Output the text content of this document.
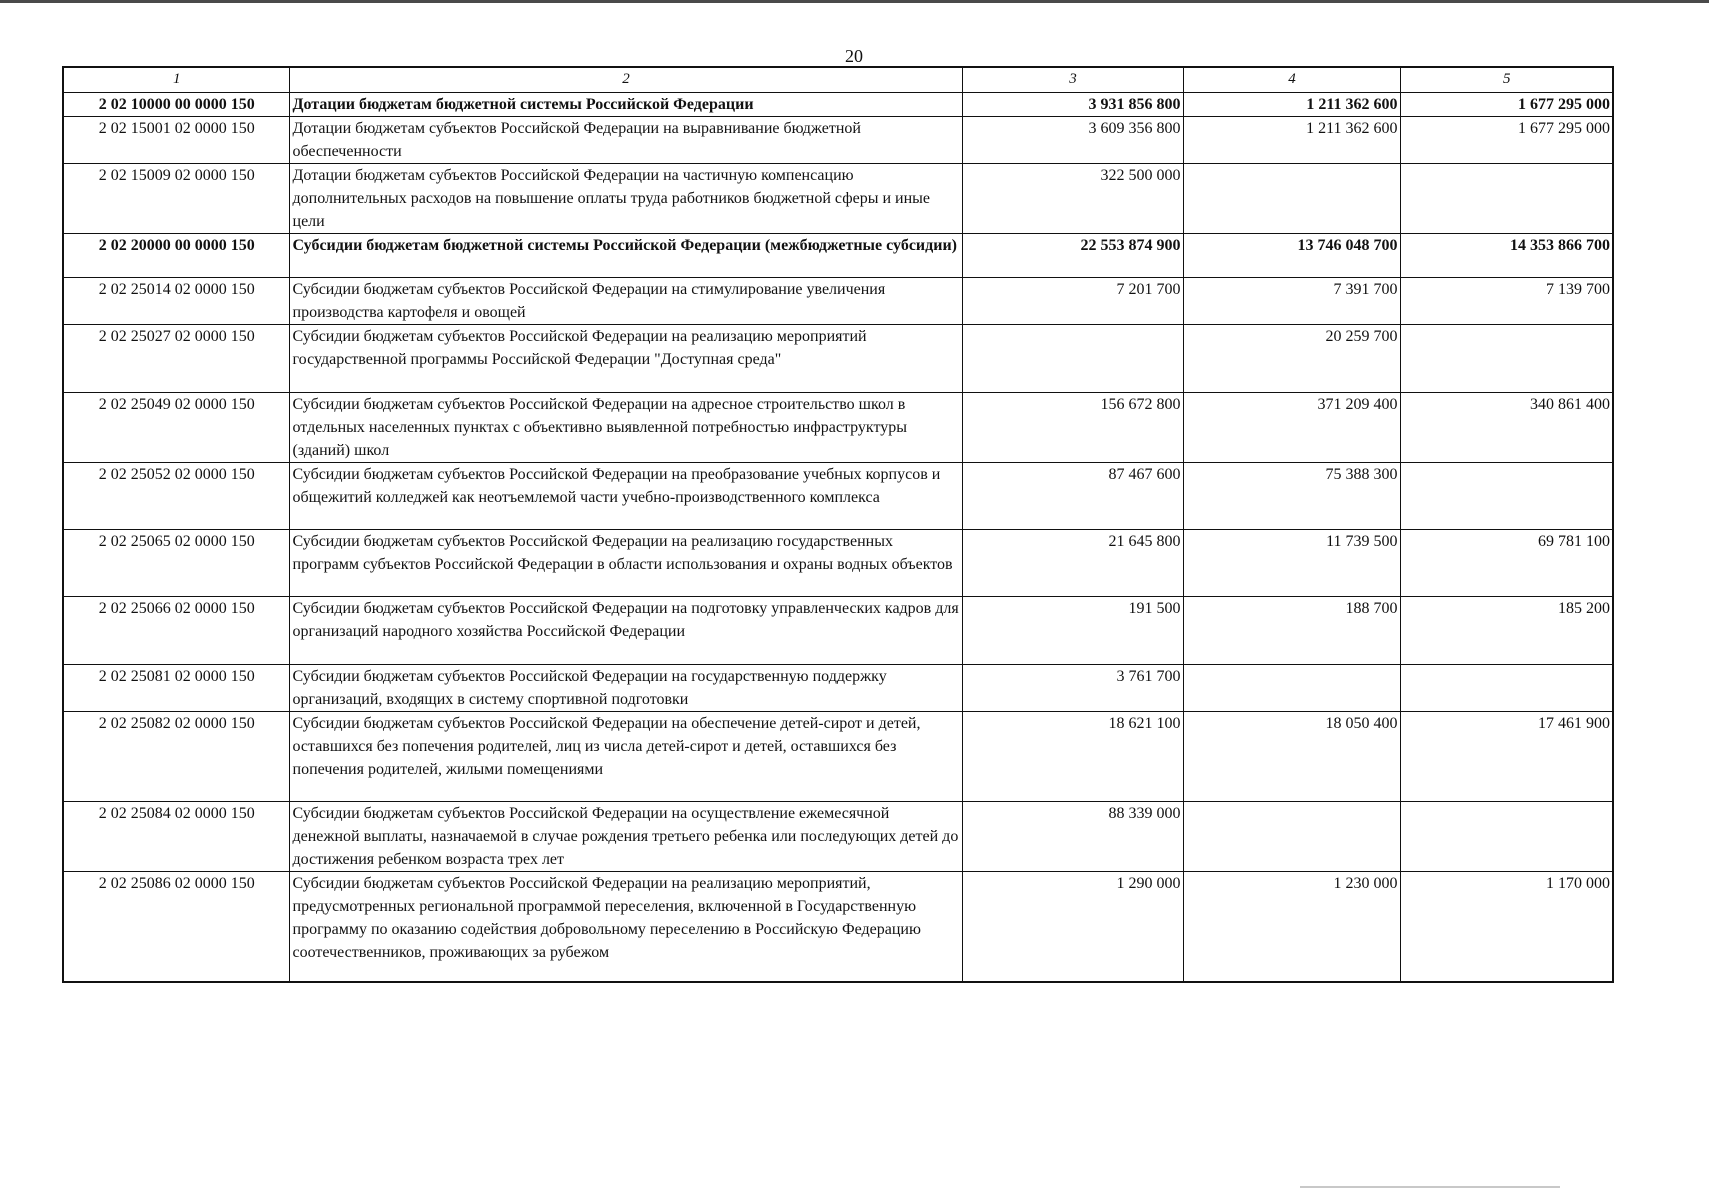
20
1	2	3	4	5
2 02 10000 00 0000 150	Дотации бюджетам бюджетной системы Российской Федерации	3 931 856 800	1 211 362 600	1 677 295 000
2 02 15001 02 0000 150	Дотации бюджетам субъектов Российской Федерации на выравнивание бюджетной обеспеченности	3 609 356 800	1 211 362 600	1 677 295 000
2 02 15009 02 0000 150	Дотации бюджетам субъектов Российской Федерации на частичную компенсацию дополнительных расходов на повышение оплаты труда работников бюджетной сферы и иные цели	322 500 000		
2 02 20000 00 0000 150	Субсидии бюджетам бюджетной системы Российской Федерации (межбюджетные субсидии)	22 553 874 900	13 746 048 700	14 353 866 700
2 02 25014 02 0000 150	Субсидии бюджетам субъектов Российской Федерации на стимулирование увеличения производства картофеля и овощей	7 201 700	7 391 700	7 139 700
2 02 25027 02 0000 150	Субсидии бюджетам субъектов Российской Федерации на реализацию мероприятий государственной программы Российской Федерации "Доступная среда"		20 259 700	
2 02 25049 02 0000 150	Субсидии бюджетам субъектов Российской Федерации на адресное строительство школ в отдельных населенных пунктах с объективно выявленной потребностью инфраструктуры (зданий) школ	156 672 800	371 209 400	340 861 400
2 02 25052 02 0000 150	Субсидии бюджетам субъектов Российской Федерации на преобразование учебных корпусов и общежитий колледжей как неотъемлемой части учебно-производственного комплекса	87 467 600	75 388 300	
2 02 25065 02 0000 150	Субсидии бюджетам субъектов Российской Федерации на реализацию государственных программ субъектов Российской Федерации в области использования и охраны водных объектов	21 645 800	11 739 500	69 781 100
2 02 25066 02 0000 150	Субсидии бюджетам субъектов Российской Федерации на подготовку управленческих кадров для организаций народного хозяйства Российской Федерации	191 500	188 700	185 200
2 02 25081 02 0000 150	Субсидии бюджетам субъектов Российской Федерации на государственную поддержку организаций, входящих в систему спортивной подготовки	3 761 700		
2 02 25082 02 0000 150	Субсидии бюджетам субъектов Российской Федерации на обеспечение детей-сирот и детей, оставшихся без попечения родителей, лиц из числа детей-сирот и детей, оставшихся без попечения родителей, жилыми помещениями	18 621 100	18 050 400	17 461 900
2 02 25084 02 0000 150	Субсидии бюджетам субъектов Российской Федерации на осуществление ежемесячной денежной выплаты, назначаемой в случае рождения третьего ребенка или последующих детей до достижения ребенком возраста трех лет	88 339 000		
2 02 25086 02 0000 150	Субсидии бюджетам субъектов Российской Федерации на реализацию мероприятий, предусмотренных региональной программой переселения, включенной в Государственную программу по оказанию содействия добровольному переселению в Российскую Федерацию соотечественников, проживающих за рубежом	1 290 000	1 230 000	1 170 000
